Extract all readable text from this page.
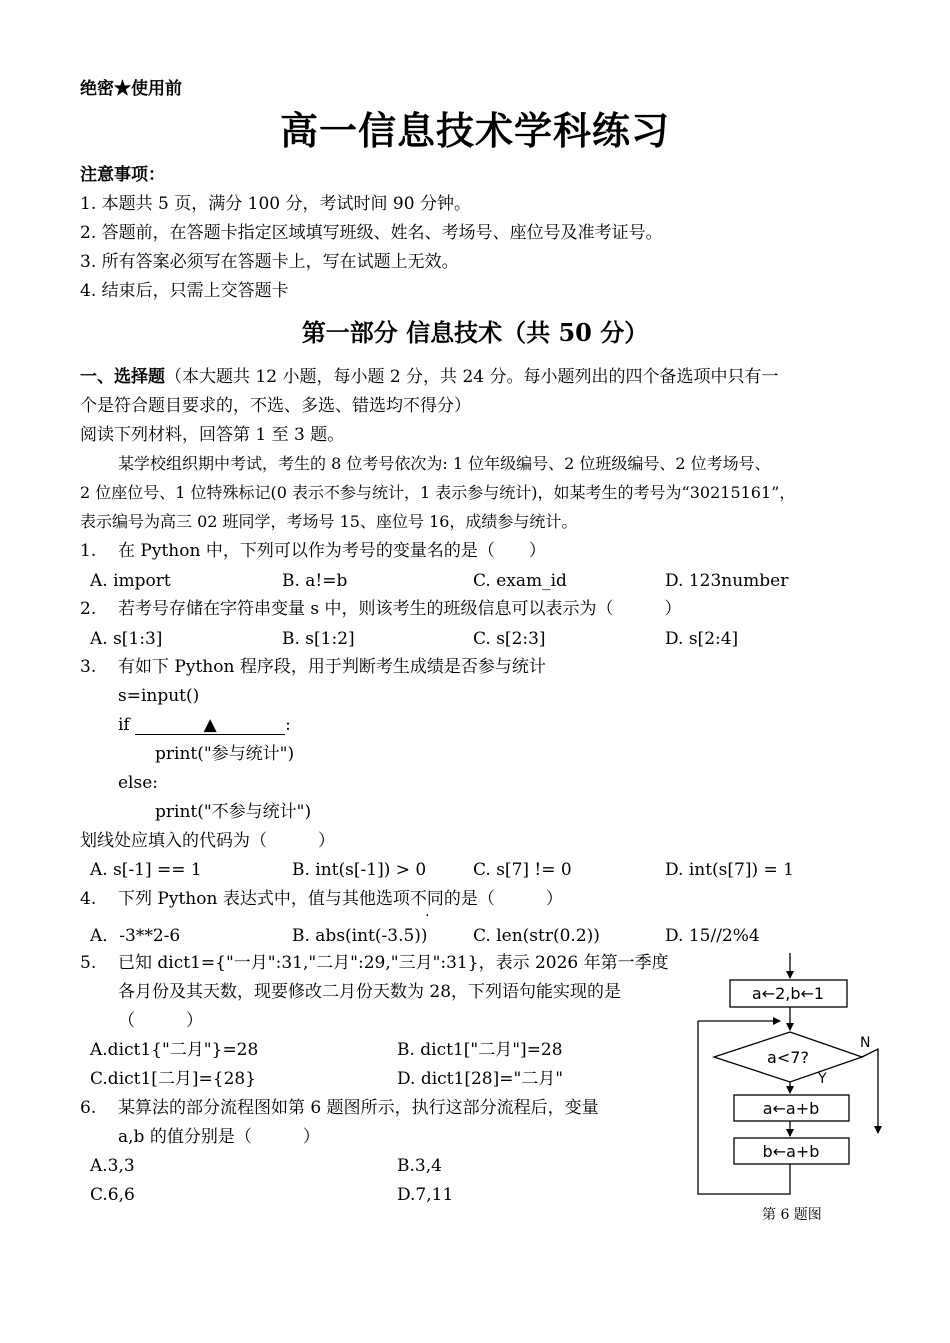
绝密★使用前
高一信息技术学科练习
注意事项：
1. 本题共 5 页，满分 100 分，考试时间 90 分钟。
2. 答题前，在答题卡指定区域填写班级、姓名、考场号、座位号及准考证号。
3. 所有答案必须写在答题卡上，写在试题上无效。
4. 结束后，只需上交答题卡
第一部分 信息技术（共 50 分）
一、选择题（本大题共 12 小题，每小题 2 分，共 24 分。每小题列出的四个备选项中只有一
个是符合题目要求的，不选、多选、错选均不得分）
阅读下列材料，回答第 1 至 3 题。
某学校组织期中考试，考生的 8 位考号依次为: 1 位年级编号、2 位班级编号、2 位考场号、
2 位座位号、1 位特殊标记(0 表示不参与统计，1 表示参与统计)，如某考生的考号为“30215161”，
表示编号为高三 02 班同学，考场号 15、座位号 16，成绩参与统计。
1. 在 Python 中，下列可以作为考号的变量名的是（　　）
A. import	B. a!=b	C. exam_id	D. 123number
2. 若考号存储在字符串变量 s 中，则该考生的班级信息可以表示为（　　　）
A. s[1:3]	B. s[1:2]	C. s[2:3]	D. s[2:4]
3. 有如下 Python 程序段，用于判断考生成绩是否参与统计
s=input()
if	▲	:
print("参与统计")
else:
print("不参与统计")
划线处应填入的代码为（　　　）
A. s[-1] == 1	B. int(s[-1]) > 0	C. s[7] != 0	D. int(s[7]) = 1
4. 下列 Python 表达式中，值与其他选项不同的是（　　　）
A．-3**2-6	B. abs(int(-3.5))	C. len(str(0.2))	D. 15//2%4
5. 已知 dict1={"一月":31,"二月":29,"三月":31}，表示 2026 年第一季度
各月份及其天数，现要修改二月份天数为 28，下列语句能实现的是
（　　　）
A.dict1{"二月"}=28	B. dict1["二月"]=28
C.dict1[二月]={28}	D. dict1[28]="二月"
6. 某算法的部分流程图如第 6 题图所示，执行这部分流程后，变量
a,b 的值分别是（　　　）
A.3,3	B.3,4
C.6,6	D.7,11
a←2,b←1
a<7?
N
Y
a←a+b
b←a+b
第 6 题图
